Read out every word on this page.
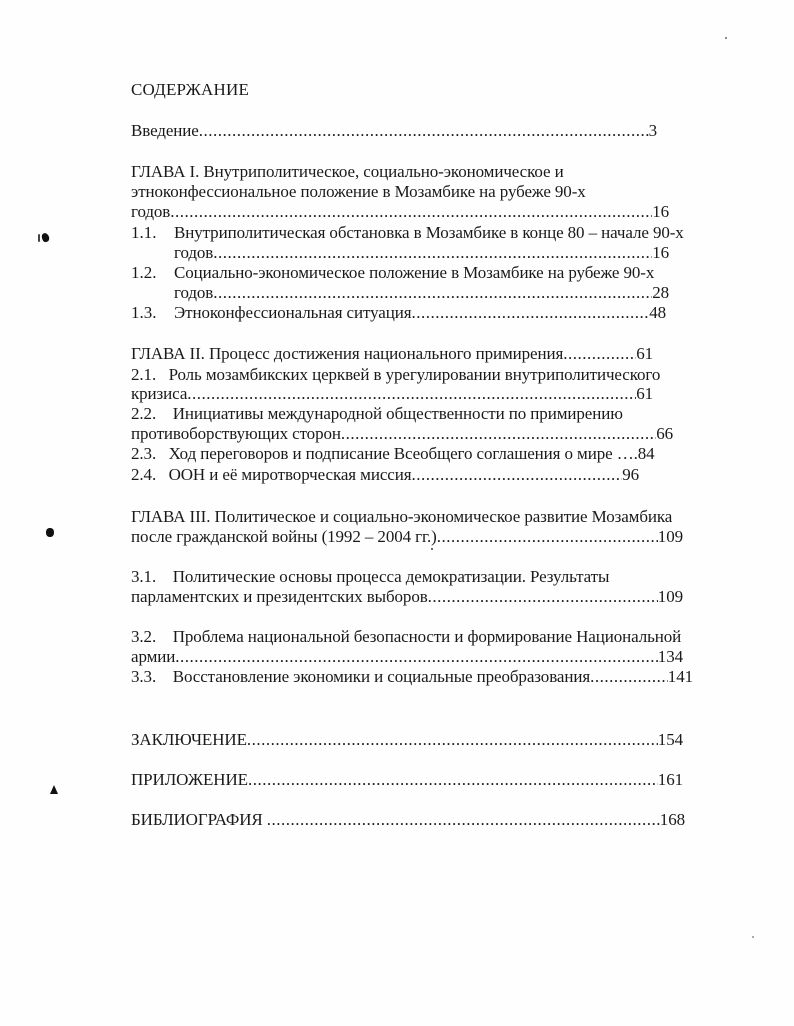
СОДЕРЖАНИЕ
Введение .....	3
ГЛАВА I. Внутриполитическое, социально-экономическое и
этноконфессиональное положение в Мозамбике на рубеже 90-х
годов .....	16
1.1. Внутриполитическая обстановка в Мозамбике в конце 80 – начале 90-х
годов .....	16
1.2. Социально-экономическое положение в Мозамбике на рубеже 90-х
годов .....	28
1.3. Этноконфессиональная ситуация .....	48
ГЛАВА II. Процесс достижения национального примирения .....	61
2.1. Роль мозамбикских церквей в урегулировании внутриполитического
кризиса .....	61
2.2. Инициативы международной общественности по примирению
противоборствующих сторон .....	66
2.3. Ход переговоров и подписание Всеобщего соглашения о мире ….84
2.4. ООН и её миротворческая миссия .....	96
ГЛАВА III. Политическое и социально-экономическое развитие Мозамбика
после гражданской войны (1992 – 2004 гг.) .....	109
3.1. Политические основы процесса демократизации. Результаты
парламентских и президентских выборов .....	109
3.2. Проблема национальной безопасности и формирование Национальной
армии .....	134
3.3. Восстановление экономики и социальные преобразования .....	141
ЗАКЛЮЧЕНИЕ .....	154
ПРИЛОЖЕНИЕ .....	161
БИБЛИОГРАФИЯ .....	168
